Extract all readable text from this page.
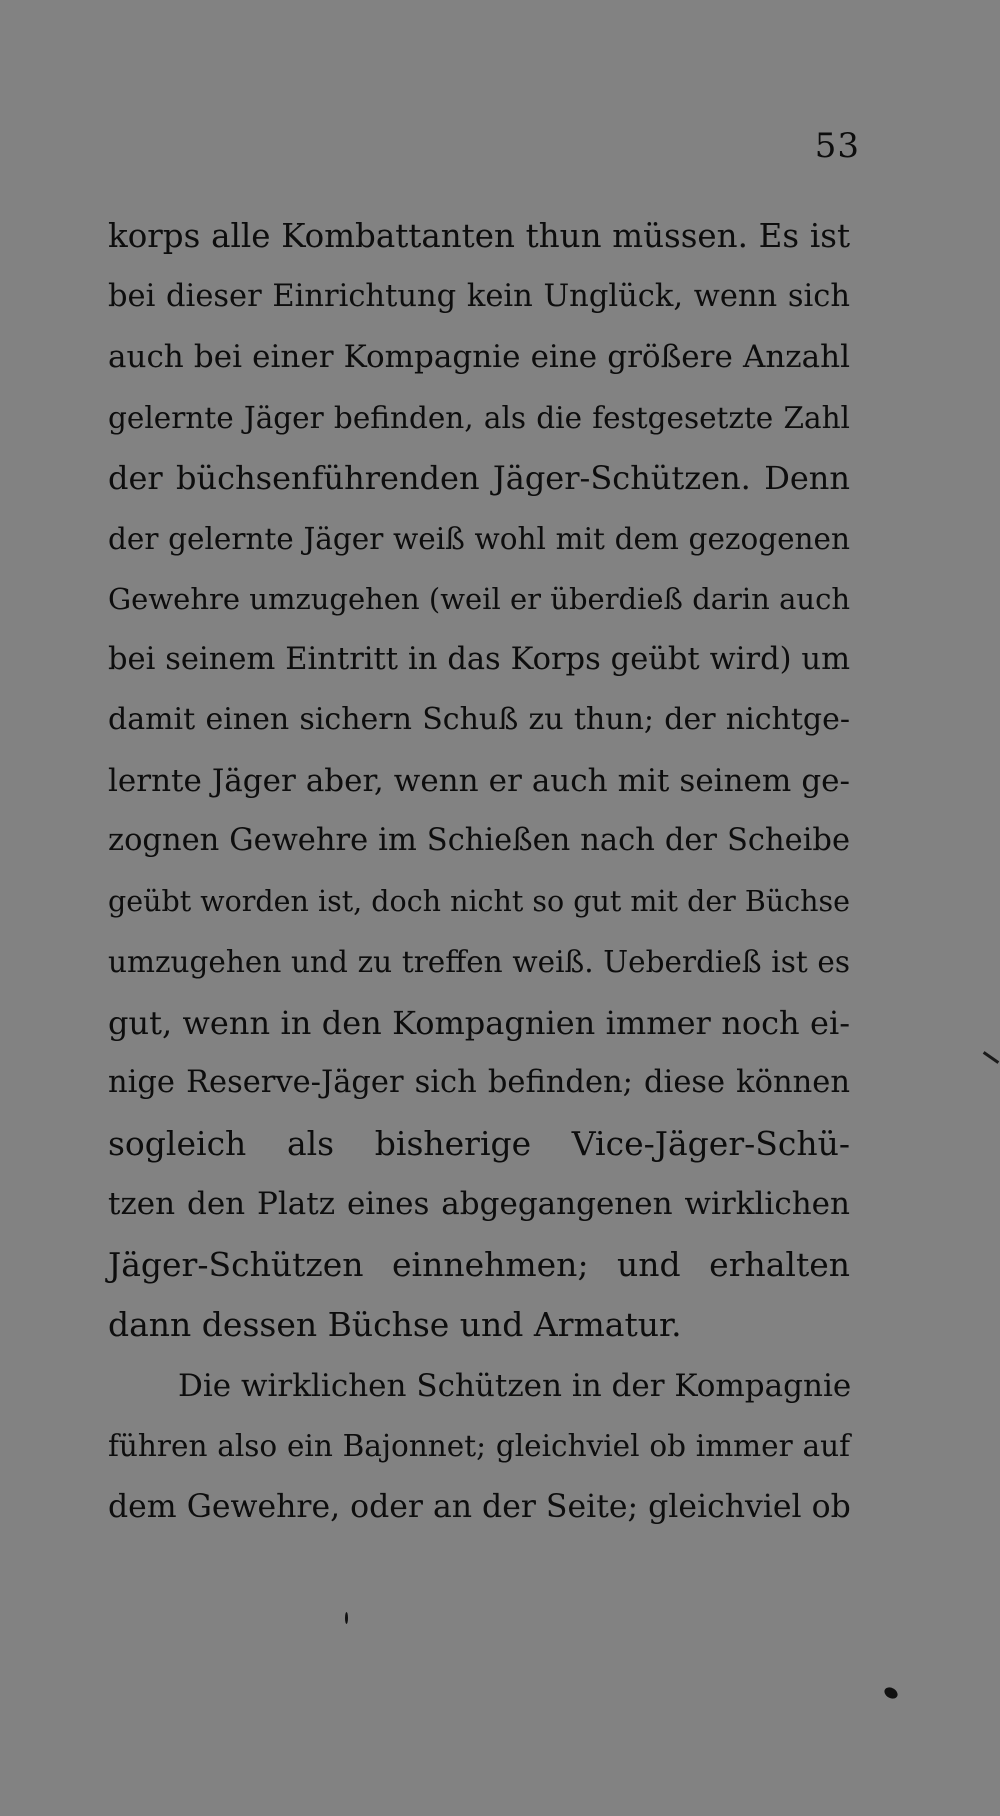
53

korps alle Kombattanten thun müssen. Es ist
bei dieser Einrichtung kein Unglück, wenn sich
auch bei einer Kompagnie eine größere Anzahl
gelernte Jäger befinden, als die festgesetzte Zahl
der büchsenführenden Jäger-Schützen. Denn
der gelernte Jäger weiß wohl mit dem gezogenen
Gewehre umzugehen (weil er überdieß darin auch
bei seinem Eintritt in das Korps geübt wird) um
damit einen sichern Schuß zu thun; der nichtge-
lernte Jäger aber, wenn er auch mit seinem ge-
zognen Gewehre im Schießen nach der Scheibe
geübt worden ist, doch nicht so gut mit der Büchse
umzugehen und zu treffen weiß. Ueberdieß ist es
gut, wenn in den Kompagnien immer noch ei-
nige Reserve-Jäger sich befinden; diese können
sogleich als bisherige Vice-Jäger-Schü-
tzen den Platz eines abgegangenen wirklichen
Jäger-Schützen einnehmen; und erhalten
dann dessen Büchse und Armatur.
Die wirklichen Schützen in der Kompagnie
führen also ein Bajonnet; gleichviel ob immer auf
dem Gewehre, oder an der Seite; gleichviel ob
